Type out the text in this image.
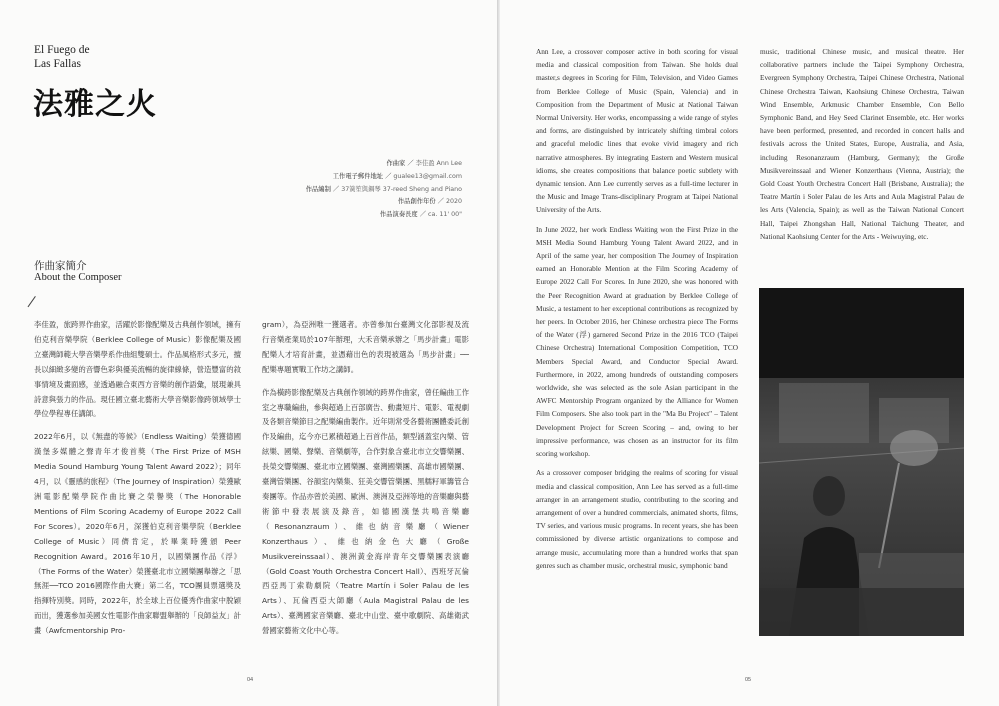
El Fuego de
Las Fallas
法雅之火
作曲家 ／ 李佳盈 Ann Lee
工作電子郵件地址 ／ gualee13@gmail.com
作品編制 ／ 37簧笙與鋼琴 37-reed Sheng and Piano
作品創作年份 ／ 2020
作品演奏長度 ／ ca. 11' 00"
作曲家簡介
About the Composer

李佳盈，旅跨界作曲家，活躍於影像配樂及古典創作領域，擁有伯克利音樂學院（Berklee College of Music）影像配樂及國立臺灣師範大學音樂學系作曲組雙碩士。作品風格形式多元，擅長以細緻多變的音響色彩與優美流暢的旋律線條，營造豐富的敘事情境及畫面感，並透過融合東西方音樂的創作語彙，展現兼具詩意與張力的作品。現任國立臺北藝術大學音樂影像跨領域學士學位學程專任講師。

2022年6月，以《無盡的等候》（Endless Waiting）榮獲德國漢堡多媒體之聲青年才俊首獎（The First Prize of MSH Media Sound Hamburg Young Talent Award 2022）；同年4月，以《靈感的旅程》（The Journey of Inspiration）榮獲歐洲電影配樂學院作曲比賽之榮譽獎（The Honorable Mentions of Film Scoring Academy of Europe 2022 Call For Scores）。2020年6月，深獲伯克利音樂學院（Berklee College of Music）同儕肯定，於畢業時獲頒 Peer Recognition Award。2016年10月，以國樂團作品《浮》（The Forms of the Water）榮獲臺北市立國樂團舉辦之「思無涯──TCO 2016國際作曲大賽」第二名，TCO團員票選獎及指揮特別獎。同時，2022年，於全球上百位優秀作曲家中脫穎而出，獲選參加美國女性電影作曲家聯盟舉辦的「良師益友」計畫（Awfcmentorship Pro-

gram），為亞洲唯一獲選者。亦曾參加台臺灣文化部影視及流行音樂產業局於107年辦理，大禾音樂承辦之「馬步計畫」電影配樂人才培育計畫，並憑藉出色的表現被選為「馬步計畫」── 配樂專題實戰工作坊之講師。

作為橫跨影像配樂及古典創作領域的跨界作曲家，曾任編曲工作室之專職編曲，參與超過上百部廣告、動畫短片、電影、電視劇及各類音樂節目之配樂編曲製作。近年則常受各藝術團體委託創作及編曲，迄今亦已累積超過上百首作品，類型涵蓋室內樂、管絃樂、國樂、聲樂、音樂劇等，合作對象含臺北市立交響樂團、長榮交響樂團、臺北市立國樂團、臺灣國樂團、高雄市國樂團、臺灣管樂團、谷韻室內樂集、狂美交響管樂團、黑糯籽軍籌管合奏團等。作品亦曾於美國、歐洲、澳洲及亞洲等地的音樂廳與藝術節中發表展演及錄音，如德國漢堡共鳴音樂廳（Resonanzraum）、維也納音樂廳（Wiener Konzerthaus）、維也納金色大廳（Große Musikvereinssaal）、澳洲黃金海岸青年交響樂團表演廳（Gold Coast Youth Orchestra Concert Hall）、西班牙瓦倫西亞馬丁索勒劇院（Teatre Martín i Soler Palau de les Arts）、瓦倫西亞大師廳（Aula Magistral Palau de les Arts）、臺灣國家音樂廳、臺北中山堂、臺中歌劇院、高雄衛武營國家藝術文化中心等。

04

Ann Lee, a crossover composer active in both scoring for visual media and classical composition from Taiwan. She holds dual master,s degrees in Scoring for Film, Television, and Video Games from Berklee College of Music (Spain, Valencia) and in Composition from the Department of Music at National Taiwan Normal University. Her works, encompassing a wide range of styles and forms, are distinguished by intricately shifting timbral colors and graceful melodic lines that evoke vivid imagery and rich narrative atmospheres. By integrating Eastern and Western musical idioms, she creates compositions that balance poetic subtlety with dynamic tension. Ann Lee currently serves as a full-time lecturer in the Music and Image Trans-disciplinary Program at Taipei National University of the Arts.

In June 2022, her work Endless Waiting won the First Prize in the MSH Media Sound Hamburg Young Talent Award 2022, and in April of the same year, her composition The Journey of Inspiration earned an Honorable Mention at the Film Scoring Academy of Europe 2022 Call For Scores. In June 2020, she was honored with the Peer Recognition Award at graduation by Berklee College of Music, a testament to her exceptional contributions as recognized by her peers. In October 2016, her Chinese orchestra piece The Forms of the Water (浮) garnered Second Prize in the 2016 TCO (Taipei Chinese Orchestra) International Composition Competition, TCO Members Special Award, and Conductor Special Award. Furthermore, in 2022, among hundreds of outstanding composers worldwide, she was selected as the sole Asian participant in the AWFC Mentorship Program organized by the Alliance for Women Film Composers. She also took part in the "Ma Bu Project" – Talent Development Project for Screen Scoring – and, owing to her impressive performance, was chosen as an instructor for its film scoring workshop.

As a crossover composer bridging the realms of scoring for visual media and classical composition, Ann Lee has served as a full-time arranger in an arrangement studio, contributing to the scoring and arrangement of over a hundred commercials, animated shorts, films, TV series, and various music programs. In recent years, she has been commissioned by diverse artistic organizations to compose and arrange music, accumulating more than a hundred works that span genres such as chamber music, orchestral music, symphonic band

music, traditional Chinese music, and musical theatre. Her collaborative partners include the Taipei Symphony Orchestra, Evergreen Symphony Orchestra, Taipei Chinese Orchestra, National Chinese Orchestra Taiwan, Kaohsiung Chinese Orchestra, Taiwan Wind Ensemble, Arkmusic Chamber Ensemble, Con Bello Symphonic Band, and Hey Seed Clarinet Ensemble, etc. Her works have been performed, presented, and recorded in concert halls and festivals across the United States, Europe, Australia, and Asia, including Resonanzraum (Hamburg, Germany); the Große Musikvereinssaal and Wiener Konzerthaus (Vienna, Austria); the Gold Coast Youth Orchestra Concert Hall (Brisbane, Australia); the Teatre Martín i Soler Palau de les Arts and Aula Magistral Palau de les Arts (Valencia, Spain); as well as the Taiwan National Concert Hall, Taipei Zhongshan Hall, National Taichung Theater, and National Kaohsiung Center for the Arts - Weiwuying, etc.

05
